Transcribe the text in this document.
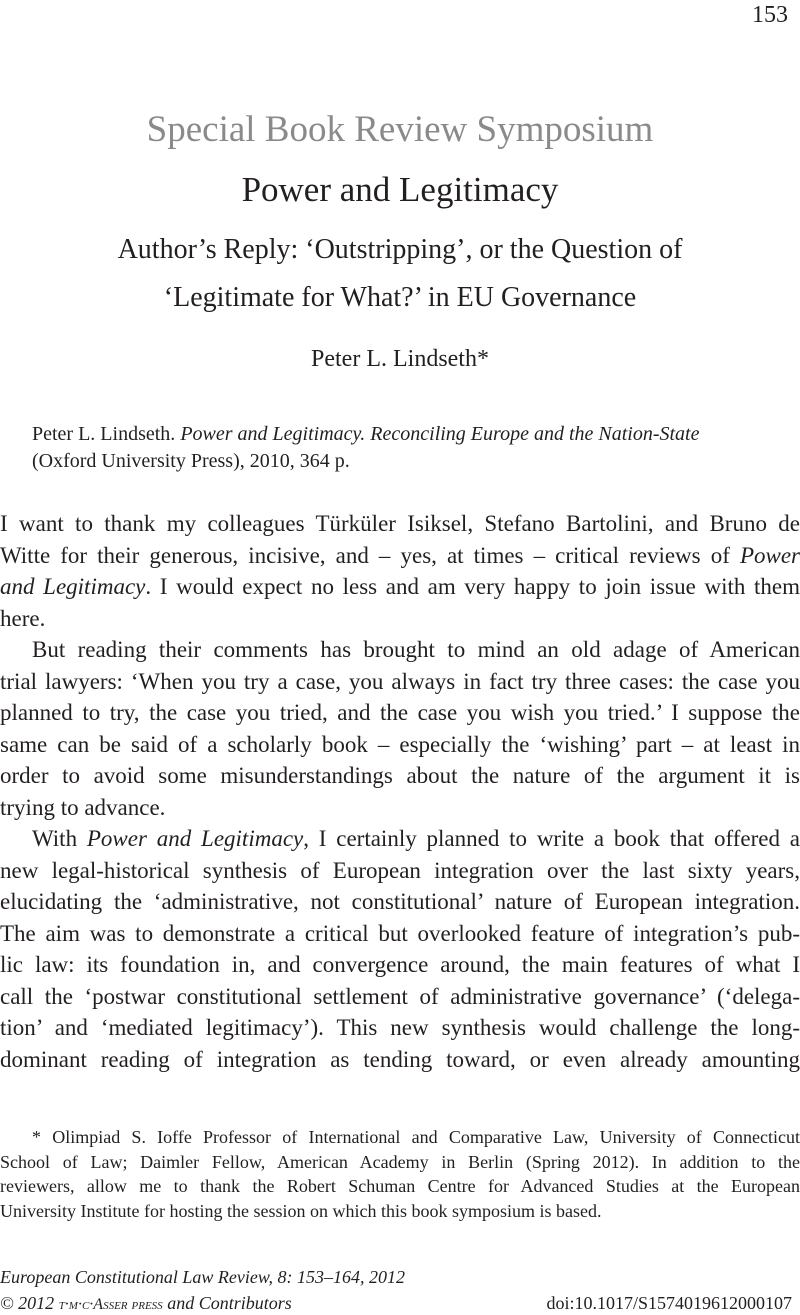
153
Special Book Review Symposium
Power and Legitimacy
Author’s Reply: ‘Outstripping’, or the Question of
‘Legitimate for What?’ in EU Governance
Peter L. Lindseth*
Peter L. Lindseth. Power and Legitimacy. Reconciling Europe and the Nation-State
(Oxford University Press), 2010, 364 p.
I want to thank my colleagues Türküler Isiksel, Stefano Bartolini, and Bruno de
Witte for their generous, incisive, and – yes, at times – critical reviews of Power
and Legitimacy. I would expect no less and am very happy to join issue with them
here.
But reading their comments has brought to mind an old adage of American
trial lawyers: ‘When you try a case, you always in fact try three cases: the case you
planned to try, the case you tried, and the case you wish you tried.’ I suppose the
same can be said of a scholarly book – especially the ‘wishing’ part – at least in
order to avoid some misunderstandings about the nature of the argument it is
trying to advance.
With Power and Legitimacy, I certainly planned to write a book that offered a
new legal-historical synthesis of European integration over the last sixty years,
elucidating the ‘administrative, not constitutional’ nature of European integration.
The aim was to demonstrate a critical but overlooked feature of integration’s pub-
lic law: its foundation in, and convergence around, the main features of what I
call the ‘postwar constitutional settlement of administrative governance’ (‘delega-
tion’ and ‘mediated legitimacy’). This new synthesis would challenge the long-
dominant reading of integration as tending toward, or even already amounting
* Olimpiad S. Ioffe Professor of International and Comparative Law, University of Connecticut
School of Law; Daimler Fellow, American Academy in Berlin (Spring 2012). In addition to the
reviewers, allow me to thank the Robert Schuman Centre for Advanced Studies at the European
University Institute for hosting the session on which this book symposium is based.
European Constitutional Law Review, 8: 153–164, 2012
© 2012 t·m·c·Asser press and Contributors	doi:10.1017/S1574019612000107
